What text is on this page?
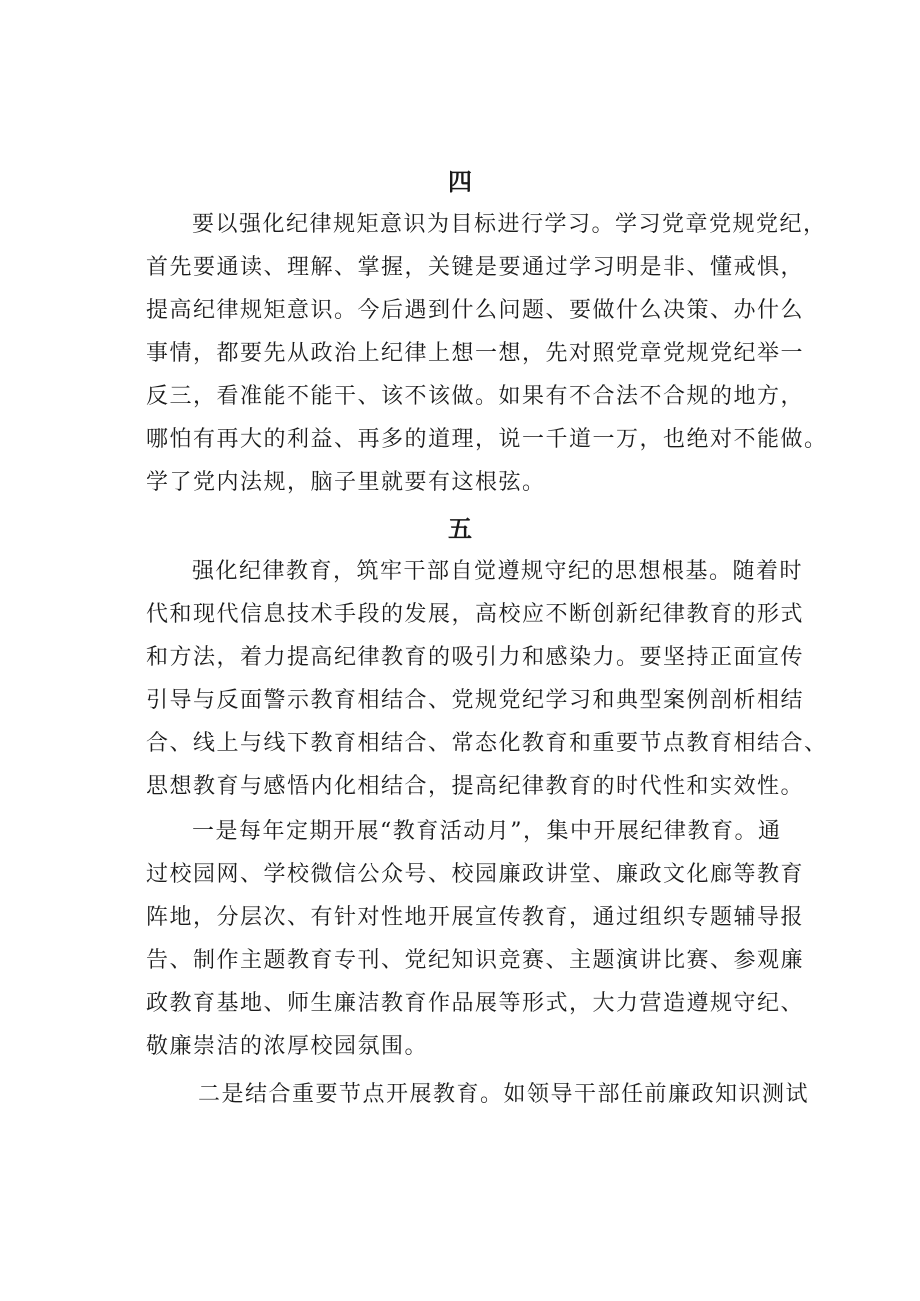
四
要以强化纪律规矩意识为目标进行学习。学习党章党规党纪，
首先要通读、理解、掌握，关键是要通过学习明是非、懂戒惧，
提高纪律规矩意识。今后遇到什么问题、要做什么决策、办什么
事情，都要先从政治上纪律上想一想，先对照党章党规党纪举一
反三，看准能不能干、该不该做。如果有不合法不合规的地方，
哪怕有再大的利益、再多的道理，说一千道一万，也绝对不能做。
学了党内法规，脑子里就要有这根弦。
五
强化纪律教育，筑牢干部自觉遵规守纪的思想根基。随着时
代和现代信息技术手段的发展，高校应不断创新纪律教育的形式
和方法，着力提高纪律教育的吸引力和感染力。要坚持正面宣传
引导与反面警示教育相结合、党规党纪学习和典型案例剖析相结
合、线上与线下教育相结合、常态化教育和重要节点教育相结合、
思想教育与感悟内化相结合，提高纪律教育的时代性和实效性。
一是每年定期开展“教育活动月”，集中开展纪律教育。通
过校园网、学校微信公众号、校园廉政讲堂、廉政文化廊等教育
阵地，分层次、有针对性地开展宣传教育，通过组织专题辅导报
告、制作主题教育专刊、党纪知识竞赛、主题演讲比赛、参观廉
政教育基地、师生廉洁教育作品展等形式，大力营造遵规守纪、
敬廉崇洁的浓厚校园氛围。
二是结合重要节点开展教育。如领导干部任前廉政知识测试
